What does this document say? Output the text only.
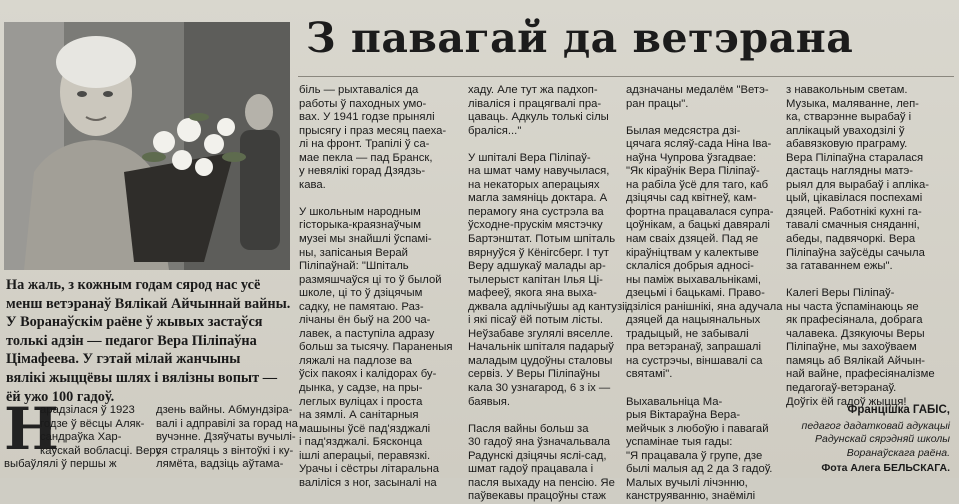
На жаль, з кожным годам сярод нас усё

менш ветэранаў Вялікай Айчыннай вайны.

У Воранаўскім раёне ў жывых застаўся

толькі адзін — педагог Вера Піліпаўна

Цімафеева. У гэтай мілай жанчыны

вялікі жыццёвы шлях і вялізны вопыт —

ёй ужо 100 гадоў.

З павагай да ветэрана
Н

арадзілася ў 1923

годзе ў вёсцы Аляк-

сандраўка Хар-

каўскай вобласці. Веру

выбаўлялі ў першы ж

дзень вайны. Абмундзіра-

валі і адправілі за горад на

вучэнне. Дзяўчаты вучылі-

ся страляць з вінтоўкі і ку-

лямёта, вадзіць аўтама-

біль — рыхтаваліся да

работы ў паходных умо-

вах. У 1941 годзе прынялі

прысягу і праз месяц паеха-

лі на фронт. Трапілі ў са-

мае пекла — пад Бранск,

у невялікі горад Дзядзь-

кава.

У школьным народным

гісторыка-краязнаўчым

музеі мы знайшлі ўспамі-

ны, запісаныя Верай

Піліпаўнай: "Шпіталь

размяшчаўся ці то ў былой

школе, ці то ў дзіцячым

садку, не памятаю. Раз-

лічаны ён быў на 200 ча-

лавек, а паступіла адразу

больш за тысячу. Параненыя

ляжалі на падлозе ва

ўсіх пакоях і калідорах бу-

дынка, у садзе, на пры-

леглых вуліцах і проста

на зямлі. А санітарныя

машыны ўсё пад'язджалі

і пад'язджалі. Бясконца

ішлі аперацыі, перавязкі.

Урачы і сёстры літаральна

валіліся з ног, засыналі на

хаду. Але тут жа падхоп-

ліваліся і працягвалі пра-

цаваць. Адкуль толькі сілы

браліся..."

У шпіталі Вера Піліпаў-

на шмат чаму навучылася,

на некаторых аперацыях

магла замяніць доктара. А

перамогу яна сустрэла ва

ўсходне-прускім мястэчку

Бартэнштат. Потым шпіталь

вярнуўся ў Кёнігсберг. І тут

Веру адшукаў малады ар-

тылерыст капітан Ілья Ці-

мафееў, якога яна выха-

джвала адлічыўшы ад кантузіі

і які пісаў ёй потым лісты.

Неўзабаве згулялі вяселле.

Начальнік шпіталя падарыў

маладым цудоўны сталовы

сервіз. У Веры Піліпаўны

кала 30 узнагарод, 6 з іх —

баявыя.

Пасля вайны больш за

30 гадоў яна ўзначальвала

Радунскі дзіцячы яслі-сад,

шмат гадоў працавала і

пасля выхаду на пенсію. Яе

паўвекавы працоўны стаж

адзначаны медалём "Ветэ-

ран працы".

Былая медсястра дзі-

цячага ясляў-сада Ніна Іва-

наўна Чупрова ўзгадвае:

"Як кіраўнік Вера Піліпаў-

на рабіла ўсё для таго, каб

дзіцячы сад квітнеў, кам-

фортна працавалася супра-

цоўнікам, а бацькі давяралі

нам сваіх дзяцей. Пад яе

кіраўніцтвам у калектыве

склаліся добрыя адносі-

ны паміж выхавальнікамі,

дзецьмі і бацькамі. Право-

дзіліся ранішнікі, яна адучала

дзяцей да нацыянальных

традыцый, не забывалі

пра ветэранаў, запрашалі

на сустрэчы, віншавалі са

святамі".

Выхавальніца Ма-

рыя Віктараўна Вера-

мейчык з любоўю і павагай

успамінае тыя гады:

"Я працавала ў групе, дзе

былі малыя ад 2 да 3 гадоў.

Малых вучылі лічэнню,

канструяванню, знаёмілі

з навакольным светам.

Музыка, маляванне, леп-

ка, стварэнне вырабаў і

аплікацый уваходзілі ў

абавязковую праграму.

Вера Піліпаўна старалася

дастаць наглядны матэ-

рыял для вырабаў і апліка-

цый, цікавілася поспехамі

дзяцей. Работнікі кухні га-

тавалі смачныя сняданні,

абеды, падвячоркі. Вера

Піліпаўна заўсёды сачыла

за гатаваннем ежы".

Калегі Веры Піліпаў-

ны часта ўспамінаюць яе

як прафесіянала, добрага

чалавека. Дзякуючы Веры

Піліпаўне, мы захоўваем

памяць аб Вялікай Айчын-

най вайне, прафесіяналізме

педагогаў-ветэранаў.

Доўгіх ёй гадоў жыцця!

Францішка ГАБІС,

педагог дадатковай адукацыі

Радунскай сярэдняй школы

Воранаўскага раёна.

Фота Алега БЕЛЬСКАГА.
